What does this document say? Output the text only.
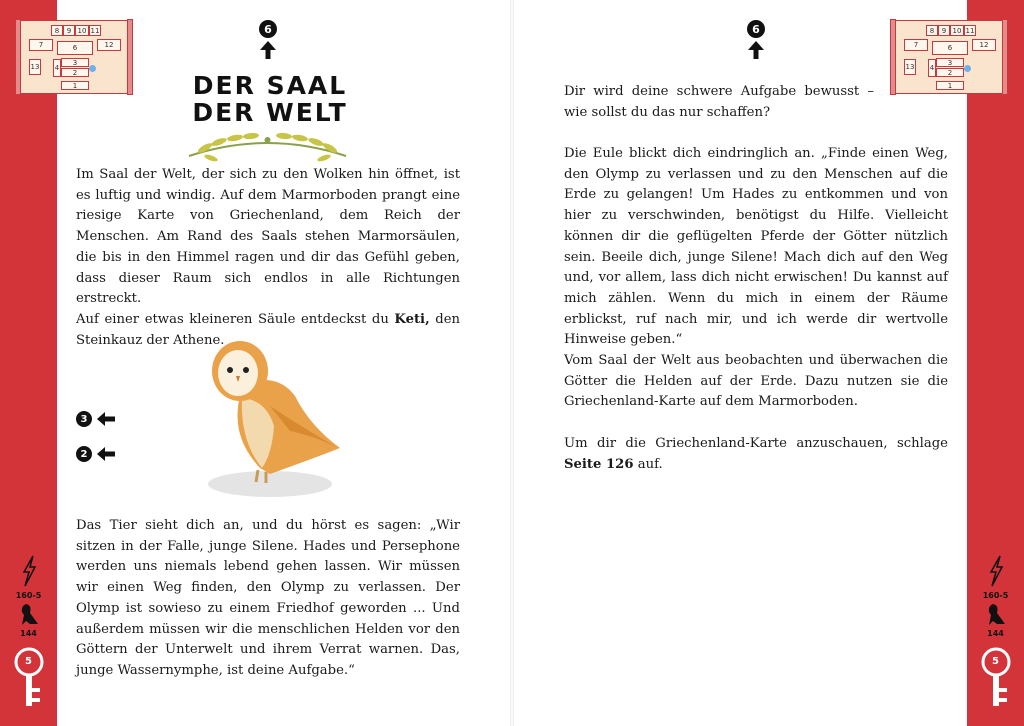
8	9 10 11
7	6	12
13 4
3
2
1
8	9 10 11
7	6	12
13 4
3
2
1
6	6
DER SAAL
DER WELT

Im Saal der Welt, der sich zu den Wolken hin öffnet, ist es luftig und windig. Auf dem Marmorboden prangt eine riesige Karte von Griechenland, dem Reich der Menschen. Am Rand des Saals stehen Marmorsäulen, die bis in den Himmel ragen und dir das Gefühl geben, dass dieser Raum sich endlos in alle Richtungen erstreckt.

Auf einer etwas kleineren Säule entdeckst du Keti, den Steinkauz der Athene.

3
2

Das Tier sieht dich an, und du hörst es sagen: „Wir sitzen in der Falle, junge Silene. Hades und Persephone werden uns niemals lebend gehen lassen. Wir müssen wir einen Weg finden, den Olymp zu verlassen. Der Olymp ist sowieso zu einem Friedhof geworden ... Und außerdem müssen wir die menschlichen Helden vor den Göttern der Unterwelt und ihrem Verrat warnen. Das, junge Wassernymphe, ist deine Aufgabe.“

Dir wird deine schwere Aufgabe bewusst – wie sollst du das nur schaffen?

Die Eule blickt dich eindringlich an. „Finde einen Weg, den Olymp zu verlassen und zu den Menschen auf die Erde zu gelangen! Um Hades zu entkommen und von hier zu verschwinden, benötigst du Hilfe. Vielleicht können dir die geflügelten Pferde der Götter nützlich sein. Beeile dich, junge Silene! Mach dich auf den Weg und, vor allem, lass dich nicht erwischen! Du kannst auf mich zählen. Wenn du mich in einem der Räume erblickst, ruf nach mir, und ich werde dir wertvolle Hinweise geben.“

Vom Saal der Welt aus beobachten und überwachen die Götter die Helden auf der Erde. Dazu nutzen sie die Griechenland-Karte auf dem Marmorboden.

Um dir die Griechenland-Karte anzuschauen, schlage Seite 126 auf.

160-5
144
5
160-5
144
5
